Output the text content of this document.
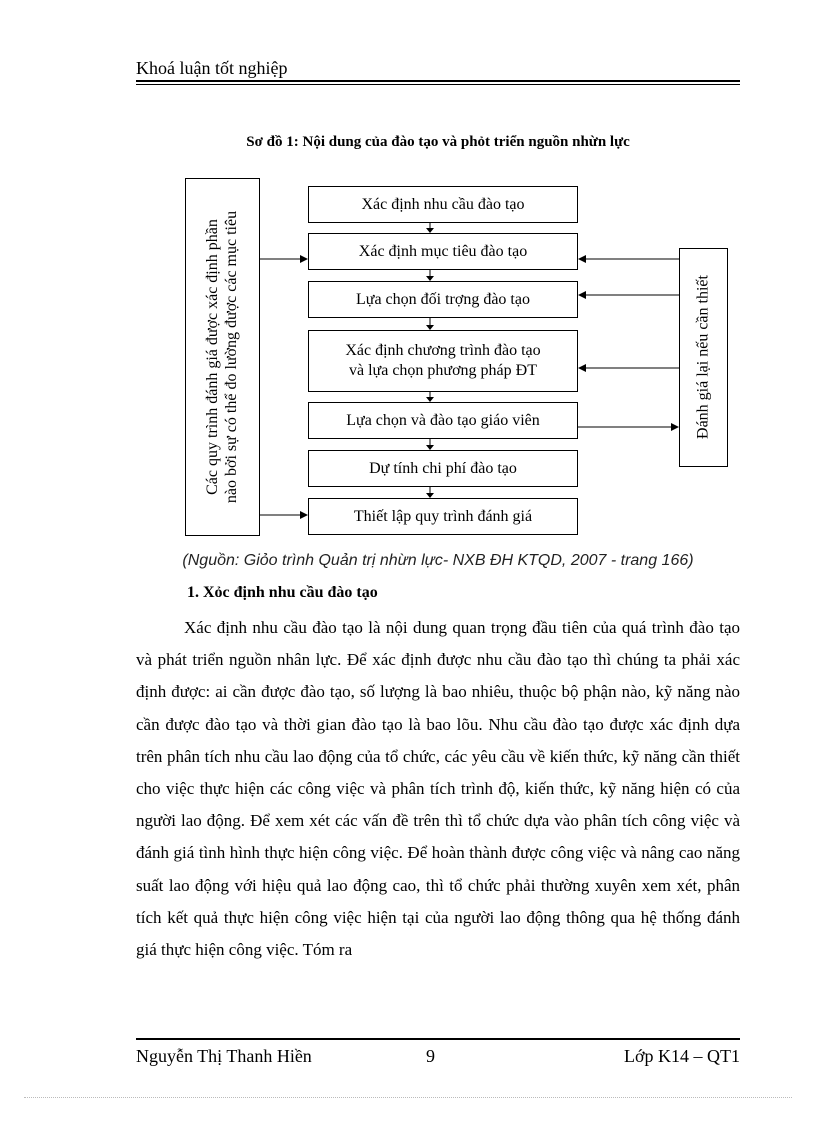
Khoá luận tốt nghiệp
Sơ đồ 1: Nội dung của đào tạo và phỏt triển nguồn nhừn lực
Các quy trình đánh giá được xác định phần nào bởi sự có thể đo lường được các mục tiêu	Đánh giá lại nếu cần thiết
Xác định nhu cầu đào tạo
Xác định mục tiêu đào tạo
Lựa chọn đối trợng đào tạo
Xác định chương trình đào tạo
và lựa chọn phương pháp ĐT
Lựa chọn và đào tạo giáo viên
Dự tính chi phí đào tạo
Thiết lập quy trình đánh giá
(Nguồn: Giỏo trình Quản trị nhừn lực- NXB ĐH KTQD, 2007 - trang 166)
1. Xỏc định nhu cầu đào tạo

Xác định nhu cầu đào tạo là nội dung quan trọng đầu tiên của quá trình đào tạo và phát triển nguồn nhân lực. Để xác định được nhu cầu đào tạo thì chúng ta phải xác định được: ai cần được đào tạo, số lượng là bao nhiêu, thuộc bộ phận nào, kỹ năng nào cần được đào tạo và thời gian đào tạo là bao lõu. Nhu cầu đào tạo được xác định dựa trên phân tích nhu cầu lao động của tổ chức, các yêu cầu về kiến thức, kỹ năng cần thiết cho việc thực hiện các công việc và phân tích trình độ, kiến thức, kỹ năng hiện có của người lao động. Để xem xét các vấn đề trên thì tổ chức dựa vào phân tích công việc và đánh giá tình hình thực hiện công việc. Để hoàn thành được công việc và nâng cao năng suất lao động với hiệu quả lao động cao, thì tổ chức phải thường xuyên xem xét, phân tích kết quả thực hiện công việc hiện tại của người lao động thông qua hệ thống đánh giá thực hiện công việc. Tóm ra

Nguyễn Thị Thanh Hiền	9	Lớp K14 – QT1
